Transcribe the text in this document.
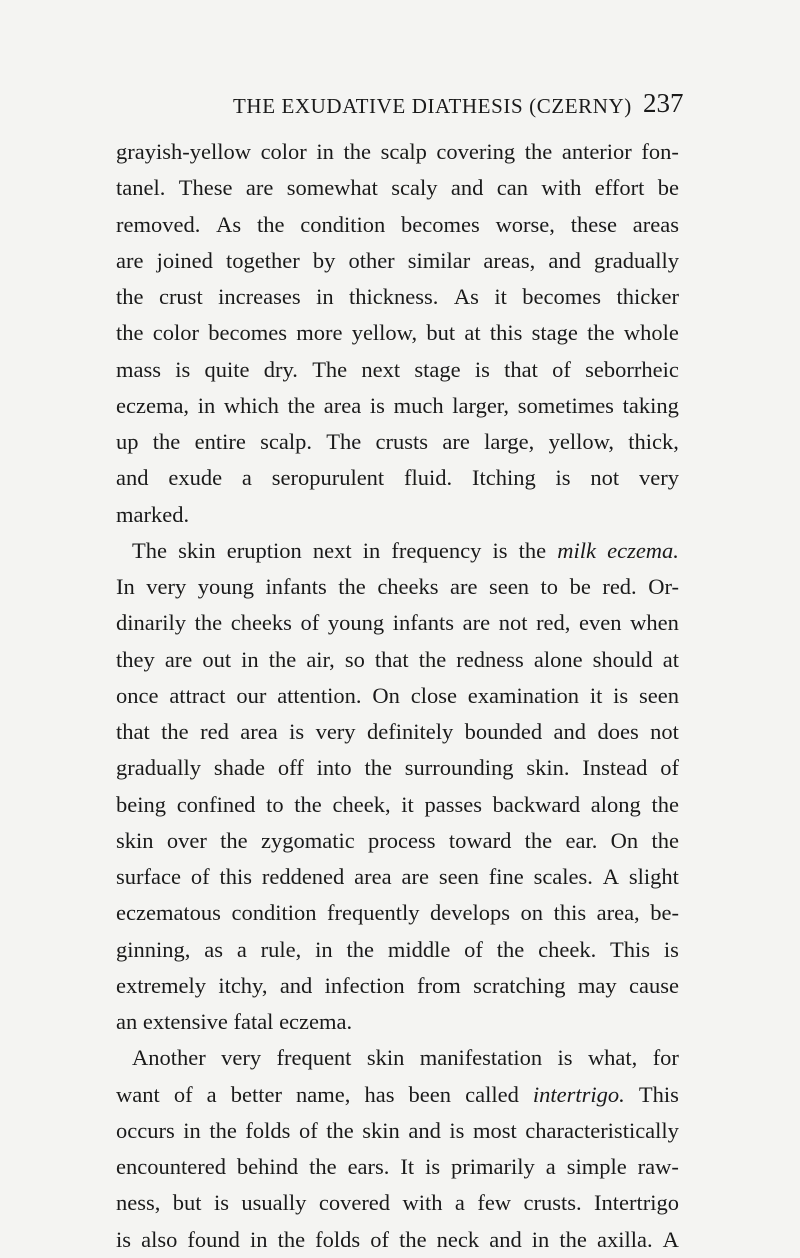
THE EXUDATIVE DIATHESIS (CZERNY) 237
grayish-yellow color in the scalp covering the anterior fon-
tanel. These are somewhat scaly and can with effort be
removed. As the condition becomes worse, these areas
are joined together by other similar areas, and gradually
the crust increases in thickness. As it becomes thicker
the color becomes more yellow, but at this stage the whole
mass is quite dry. The next stage is that of seborrheic
eczema, in which the area is much larger, sometimes taking
up the entire scalp. The crusts are large, yellow, thick,
and exude a seropurulent fluid. Itching is not very
marked.
The skin eruption next in frequency is the milk eczema.
In very young infants the cheeks are seen to be red. Or-
dinarily the cheeks of young infants are not red, even when
they are out in the air, so that the redness alone should at
once attract our attention. On close examination it is seen
that the red area is very definitely bounded and does not
gradually shade off into the surrounding skin. Instead of
being confined to the cheek, it passes backward along the
skin over the zygomatic process toward the ear. On the
surface of this reddened area are seen fine scales. A slight
eczematous condition frequently develops on this area, be-
ginning, as a rule, in the middle of the cheek. This is
extremely itchy, and infection from scratching may cause
an extensive fatal eczema.
Another very frequent skin manifestation is what, for
want of a better name, has been called intertrigo. This
occurs in the folds of the skin and is most characteristically
encountered behind the ears. It is primarily a simple raw-
ness, but is usually covered with a few crusts. Intertrigo
is also found in the folds of the neck and in the axilla. A
